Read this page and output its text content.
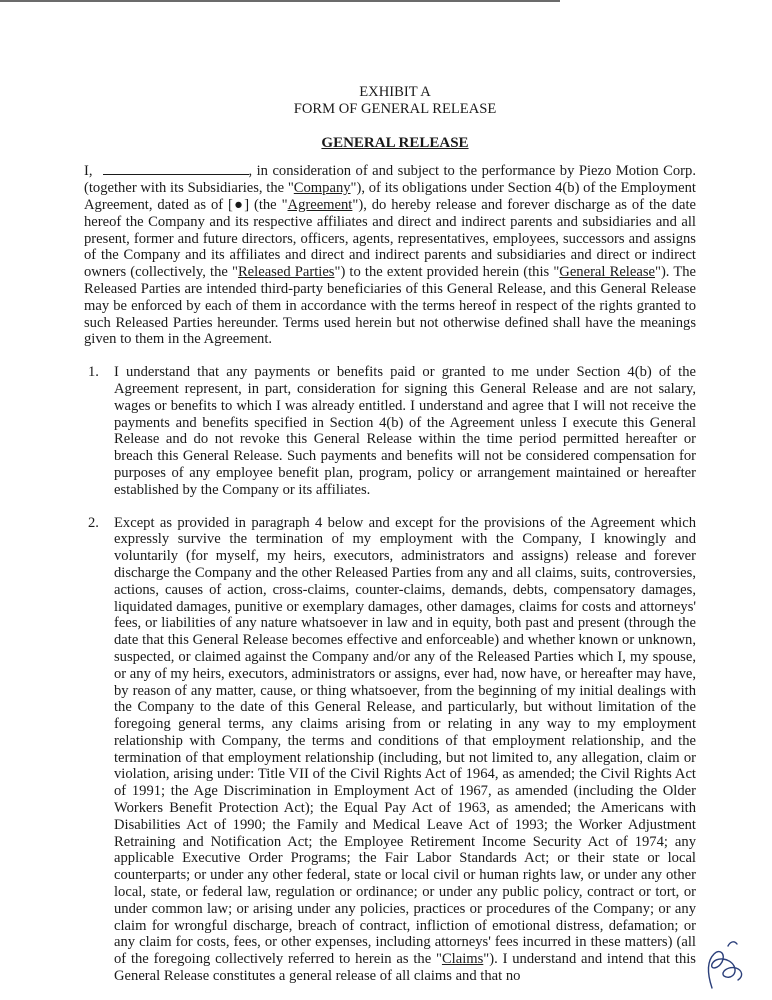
EXHIBIT A

FORM OF GENERAL RELEASE

GENERAL RELEASE

I,	, in consideration of and subject to the performance by Piezo Motion Corp. (together with its Subsidiaries, the "Company"), of its obligations under Section 4(b) of the Employment Agreement, dated as of [●] (the "Agreement"), do hereby release and forever discharge as of the date hereof the Company and its respective affiliates and direct and indirect parents and subsidiaries and all present, former and future directors, officers, agents, representatives, employees, successors and assigns of the Company and its affiliates and direct and indirect parents and subsidiaries and direct or indirect owners (collectively, the "Released Parties") to the extent provided herein (this "General Release"). The Released Parties are intended third-party beneficiaries of this General Release, and this General Release may be enforced by each of them in accordance with the terms hereof in respect of the rights granted to such Released Parties hereunder. Terms used herein but not otherwise defined shall have the meanings given to them in the Agreement.

1.	I understand that any payments or benefits paid or granted to me under Section 4(b) of the Agreement represent, in part, consideration for signing this General Release and are not salary, wages or benefits to which I was already entitled. I understand and agree that I will not receive the payments and benefits specified in Section 4(b) of the Agreement unless I execute this General Release and do not revoke this General Release within the time period permitted hereafter or breach this General Release. Such payments and benefits will not be considered compensation for purposes of any employee benefit plan, program, policy or arrangement maintained or hereafter established by the Company or its affiliates.
2.	Except as provided in paragraph 4 below and except for the provisions of the Agreement which expressly survive the termination of my employment with the Company, I knowingly and voluntarily (for myself, my heirs, executors, administrators and assigns) release and forever discharge the Company and the other Released Parties from any and all claims, suits, controversies, actions, causes of action, cross-claims, counter-claims, demands, debts, compensatory damages, liquidated damages, punitive or exemplary damages, other damages, claims for costs and attorneys' fees, or liabilities of any nature whatsoever in law and in equity, both past and present (through the date that this General Release becomes effective and enforceable) and whether known or unknown, suspected, or claimed against the Company and/or any of the Released Parties which I, my spouse, or any of my heirs, executors, administrators or assigns, ever had, now have, or hereafter may have, by reason of any matter, cause, or thing whatsoever, from the beginning of my initial dealings with the Company to the date of this General Release, and particularly, but without limitation of the foregoing general terms, any claims arising from or relating in any way to my employment relationship with Company, the terms and conditions of that employment relationship, and the termination of that employment relationship (including, but not limited to, any allegation, claim or violation, arising under: Title VII of the Civil Rights Act of 1964, as amended; the Civil Rights Act of 1991; the Age Discrimination in Employment Act of 1967, as amended (including the Older Workers Benefit Protection Act); the Equal Pay Act of 1963, as amended; the Americans with Disabilities Act of 1990; the Family and Medical Leave Act of 1993; the Worker Adjustment Retraining and Notification Act; the Employee Retirement Income Security Act of 1974; any applicable Executive Order Programs; the Fair Labor Standards Act; or their state or local counterparts; or under any other federal, state or local civil or human rights law, or under any other local, state, or federal law, regulation or ordinance; or under any public policy, contract or tort, or under common law; or arising under any policies, practices or procedures of the Company; or any claim for wrongful discharge, breach of contract, infliction of emotional distress, defamation; or any claim for costs, fees, or other expenses, including attorneys' fees incurred in these matters) (all of the foregoing collectively referred to herein as the "Claims"). I understand and intend that this General Release constitutes a general release of all claims and that no
